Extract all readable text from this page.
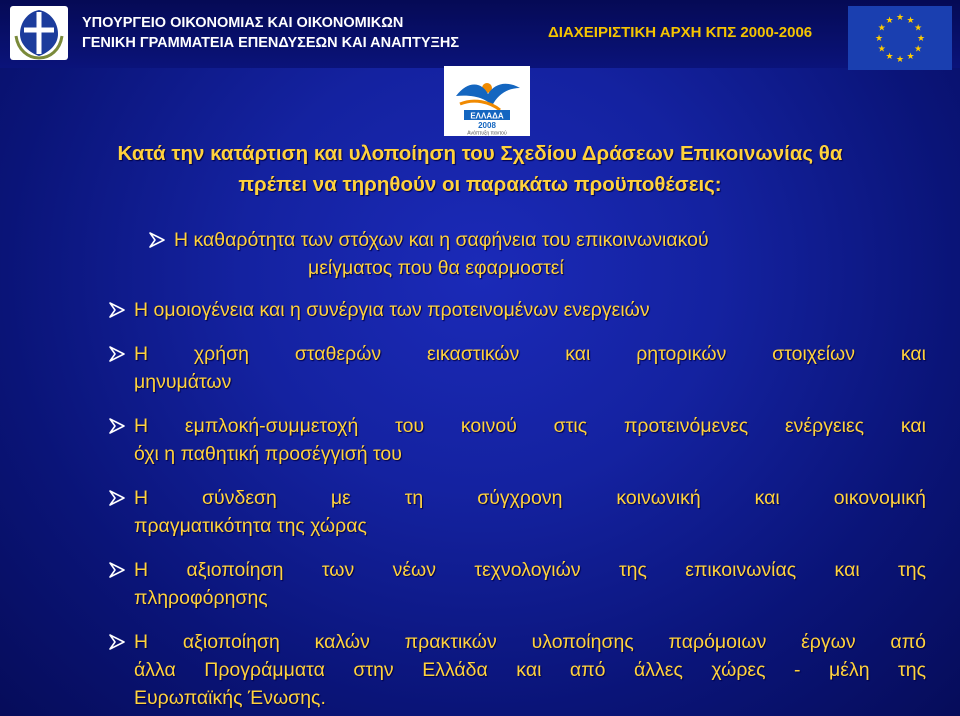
ΥΠΟΥΡΓΕΙΟ ΟΙΚΟΝΟΜΙΑΣ ΚΑΙ ΟΙΚΟΝΟΜΙΚΩΝ
ΓΕΝΙΚΗ ΓΡΑΜΜΑΤΕΙΑ ΕΠΕΝΔΥΣΕΩΝ ΚΑΙ ΑΝΑΠΤΥΞΗΣ
ΔΙΑΧΕΙΡΙΣΤΙΚΗ ΑΡΧΗ ΚΠΣ 2000-2006
★ ★
★
★
★
★
★
★
★
★
★
★
ΕΛΛΑΔΑ
2008
Ανάπτυξη παντού
Κατά την κατάρτιση και υλοποίηση του Σχεδίου Δράσεων Επικοινωνίας θα
πρέπει να τηρηθούν οι παρακάτω προϋποθέσεις:
Η καθαρότητα των στόχων και η σαφήνεια του επικοινωνιακού
μείγματος που θα εφαρμοστεί
Η ομοιογένεια και η συνέργια των προτεινομένων ενεργειών
Η χρήση σταθερών εικαστικών και ρητορικών στοιχείων και
μηνυμάτων
Η εμπλοκή-συμμετοχή του κοινού στις προτεινόμενες ενέργειες και
όχι η παθητική προσέγγισή του
Η σύνδεση με τη σύγχρονη κοινωνική και οικονομική
πραγματικότητα της χώρας
Η αξιοποίηση των νέων τεχνολογιών της επικοινωνίας και της
πληροφόρησης
Η αξιοποίηση καλών πρακτικών υλοποίησης παρόμοιων έργων από
άλλα Προγράμματα στην Ελλάδα και από άλλες χώρες - μέλη της
Ευρωπαϊκής Ένωσης.
